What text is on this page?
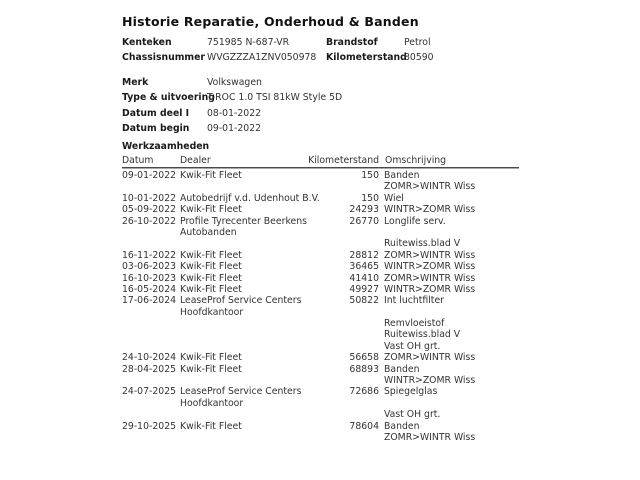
Historie Reparatie, Onderhoud & Banden
Kenteken	751985 N-687-VR	Brandstof	Petrol
Chassisnummer WVGZZZA1ZNV050978	Kilometerstand
80590
Merk	Volkswagen
Type & uitvoering
T-ROC 1.0 TSI 81kW Style 5D
Datum deel I	08-01-2022
Datum begin	09-01-2022
Werkzaamheden
Datum	Dealer	Kilometerstand Omschrijving
09-01-2022 Kwik-Fit Fleet	150 Banden
ZOMR>WINTR Wiss
10-01-2022 Autobedrijf v.d. Udenhout B.V.	150 Wiel
05-09-2022 Kwik-Fit Fleet	24293 WINTR>ZOMR Wiss
26-10-2022 Profile Tyrecenter Beerkens	26770 Longlife serv.
Autobanden
Ruitewiss.blad V
16-11-2022 Kwik-Fit Fleet	28812 ZOMR>WINTR Wiss
03-06-2023 Kwik-Fit Fleet	36465 WINTR>ZOMR Wiss
16-10-2023 Kwik-Fit Fleet	41410 ZOMR>WINTR Wiss
16-05-2024 Kwik-Fit Fleet	49927 WINTR>ZOMR Wiss
17-06-2024 LeaseProf Service Centers	50822 Int luchtfilter
Hoofdkantoor
Remvloeistof
Ruitewiss.blad V
Vast OH grt.
24-10-2024 Kwik-Fit Fleet	56658 ZOMR>WINTR Wiss
28-04-2025 Kwik-Fit Fleet	68893 Banden
WINTR>ZOMR Wiss
24-07-2025 LeaseProf Service Centers	72686 Spiegelglas
Hoofdkantoor
Vast OH grt.
29-10-2025 Kwik-Fit Fleet	78604 Banden
ZOMR>WINTR Wiss
